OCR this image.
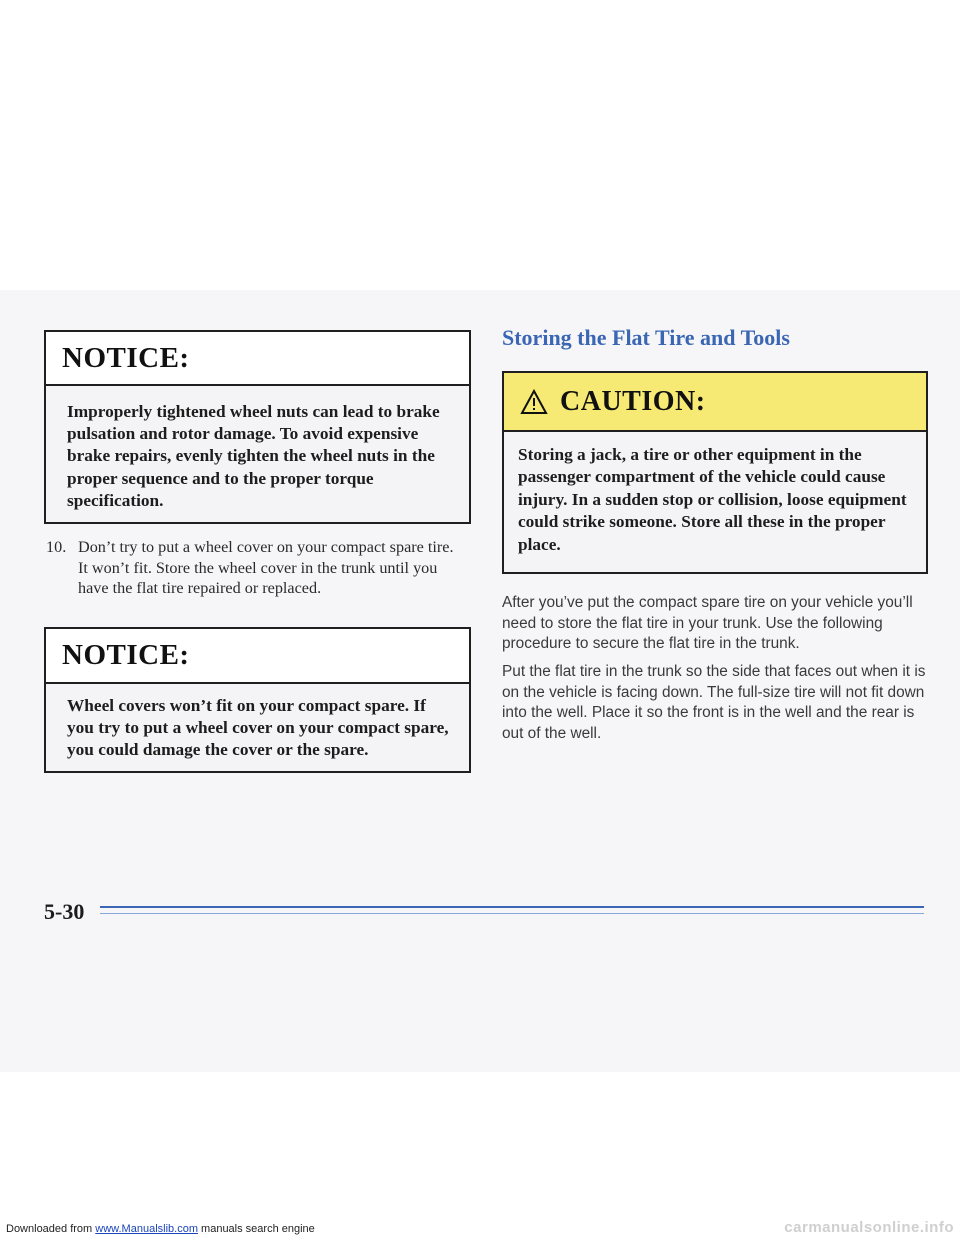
NOTICE:
Improperly tightened wheel nuts can lead to brake pulsation and rotor damage. To avoid expensive brake repairs, evenly tighten the wheel nuts in the proper sequence and to the proper torque specification.
10. Don’t try to put a wheel cover on your compact spare tire. It won’t fit. Store the wheel cover in the trunk until you have the flat tire repaired or replaced.
NOTICE:
Wheel covers won’t fit on your compact spare. If you try to put a wheel cover on your compact spare, you could damage the cover or the spare.
Storing the Flat Tire and Tools
CAUTION:
Storing a jack, a tire or other equipment in the passenger compartment of the vehicle could cause injury. In a sudden stop or collision, loose equipment could strike someone. Store all these in the proper place.
After you’ve put the compact spare tire on your vehicle you’ll need to store the flat tire in your trunk. Use the following procedure to secure the flat tire in the trunk.
Put the flat tire in the trunk so the side that faces out when it is on the vehicle is facing down. The full-size tire will not fit down into the well. Place it so the front is in the well and the rear is out of the well.
5-30
Downloaded from www.Manualslib.com manuals search engine	carmanualsonline.info
